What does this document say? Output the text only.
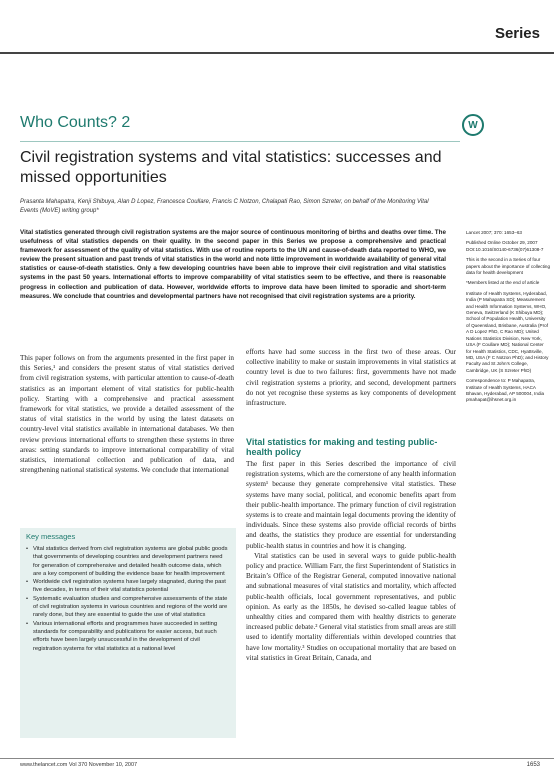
Series
Who Counts? 2	W
Civil registration systems and vital statistics: successes and missed opportunities
Prasanta Mahapatra, Kenji Shibuya, Alan D Lopez, Francesca Coullare, Francis C Notzon, Chalapati Rao, Simon Szreter, on behalf of the Monitoring Vital Events (MoVE) writing group*
Vital statistics generated through civil registration systems are the major source of continuous monitoring of births and deaths over time. The usefulness of vital statistics depends on their quality. In the second paper in this Series we propose a comprehensive and practical framework for assessment of the quality of vital statistics. With use of routine reports to the UN and cause-of-death data reported to WHO, we review the present situation and past trends of vital statistics in the world and note little improvement in worldwide availability of general vital statistics or cause-of-death statistics. Only a few developing countries have been able to improve their civil registration and vital statistics systems in the past 50 years. International efforts to improve comparability of vital statistics seem to be effective, and there is reasonable progress in collection and publication of data. However, worldwide efforts to improve data have been limited to sporadic and short-term measures. We conclude that countries and developmental partners have not recognised that civil registration systems are a priority.

This paper follows on from the arguments presented in the first paper in this Series,¹ and considers the present status of vital statistics derived from civil registration systems, with particular attention to cause-of-death statistics as an important element of vital statistics for public-health policy. Starting with a comprehensive and practical assessment framework for vital statistics, we provide a detailed assessment of the status of vital statistics in the world by using the latest datasets on country-level vital statistics available in international databases. We then review previous international efforts to strengthen these systems in three areas: setting standards to improve international comparability of vital statistics, international collection and publication of data, and strengthening national statistical systems. We conclude that international

efforts have had some success in the first two of these areas. Our collective inability to make or sustain improvements in vital statistics at country level is due to two failures: first, governments have not made civil registration systems a priority, and second, development partners do not yet recognise these systems as key components of development infrastructure.

Vital statistics for making and testing public-health policy

The first paper in this Series described the importance of civil registration systems, which are the cornerstone of any health information system¹ because they generate comprehensive vital statistics. These systems have many social, political, and economic benefits apart from their public-health importance. The primary function of civil registration systems is to create and maintain legal documents proving the identity of individuals. Since these systems also provide official records of births and deaths, the statistics they produce are essential for understanding public-health status in countries and how it is changing.

Vital statistics can be used in several ways to guide public-health policy and practice. William Farr, the first Superintendent of Statistics in Britain’s Office of the Registrar General, computed innovative national and subnational measures of vital statistics and mortality, which affected public-health officials, local government representatives, and public opinion. As early as the 1850s, he devised so-called league tables of unhealthy cities and compared them with healthy districts to generate increased public debate.² General vital statistics from small areas are still used to identify mortality differentials within developed countries that have low mortality.³ Studies on occupational mortality that are based on vital statistics in Great Britain, Canada, and

Key messages
• Vital statistics derived from civil registration systems are global public goods that governments of developing countries and development partners need for generation of comprehensive and detailed health outcome data, which are a key component of building the evidence base for health improvement
• Worldwide civil registration systems have largely stagnated, during the past five decades, in terms of their vital statistics potential
• Systematic evaluation studies and comprehensive assessments of the state of civil registration systems in various countries and regions of the world are rarely done, but they are essential to guide the use of vital statistics
• Various international efforts and programmes have succeeded in setting standards for comparability and publications for easier access, but such efforts have been largely unsuccessful in the development of civil registration systems for vital statistics at a national level
Lancet 2007; 370: 1653–63
Published Online October 29, 2007 DOI:10.1016/S0140-6736(07)61308-7
This is the second in a Series of four papers about the importance of collecting data for health development
*Members listed at the end of article
Institute of Health Systems, Hyderabad, India (P Mahapatra SD); Measurement and Health Information Systems, WHO, Geneva, Switzerland (K Shibuya MD); School of Population Health, University of Queensland, Brisbane, Australia (Prof A D Lopez PhD, C Rao MD); United Nations Statistics Division, New York, USA (F Coullare MD); National Center for Health Statistics, CDC, Hyattsville, MD, USA (F C Notzon PhD); and History Faculty and St John’s College, Cambridge, UK (S Szreter PhD)
Correspondence to: P Mahapatra, Institute of Health Systems, HACA Bhavan, Hyderabad, AP 500004, India pmahapat@ihsnet.org.in
www.thelancet.com Vol 370 November 10, 2007	1653
